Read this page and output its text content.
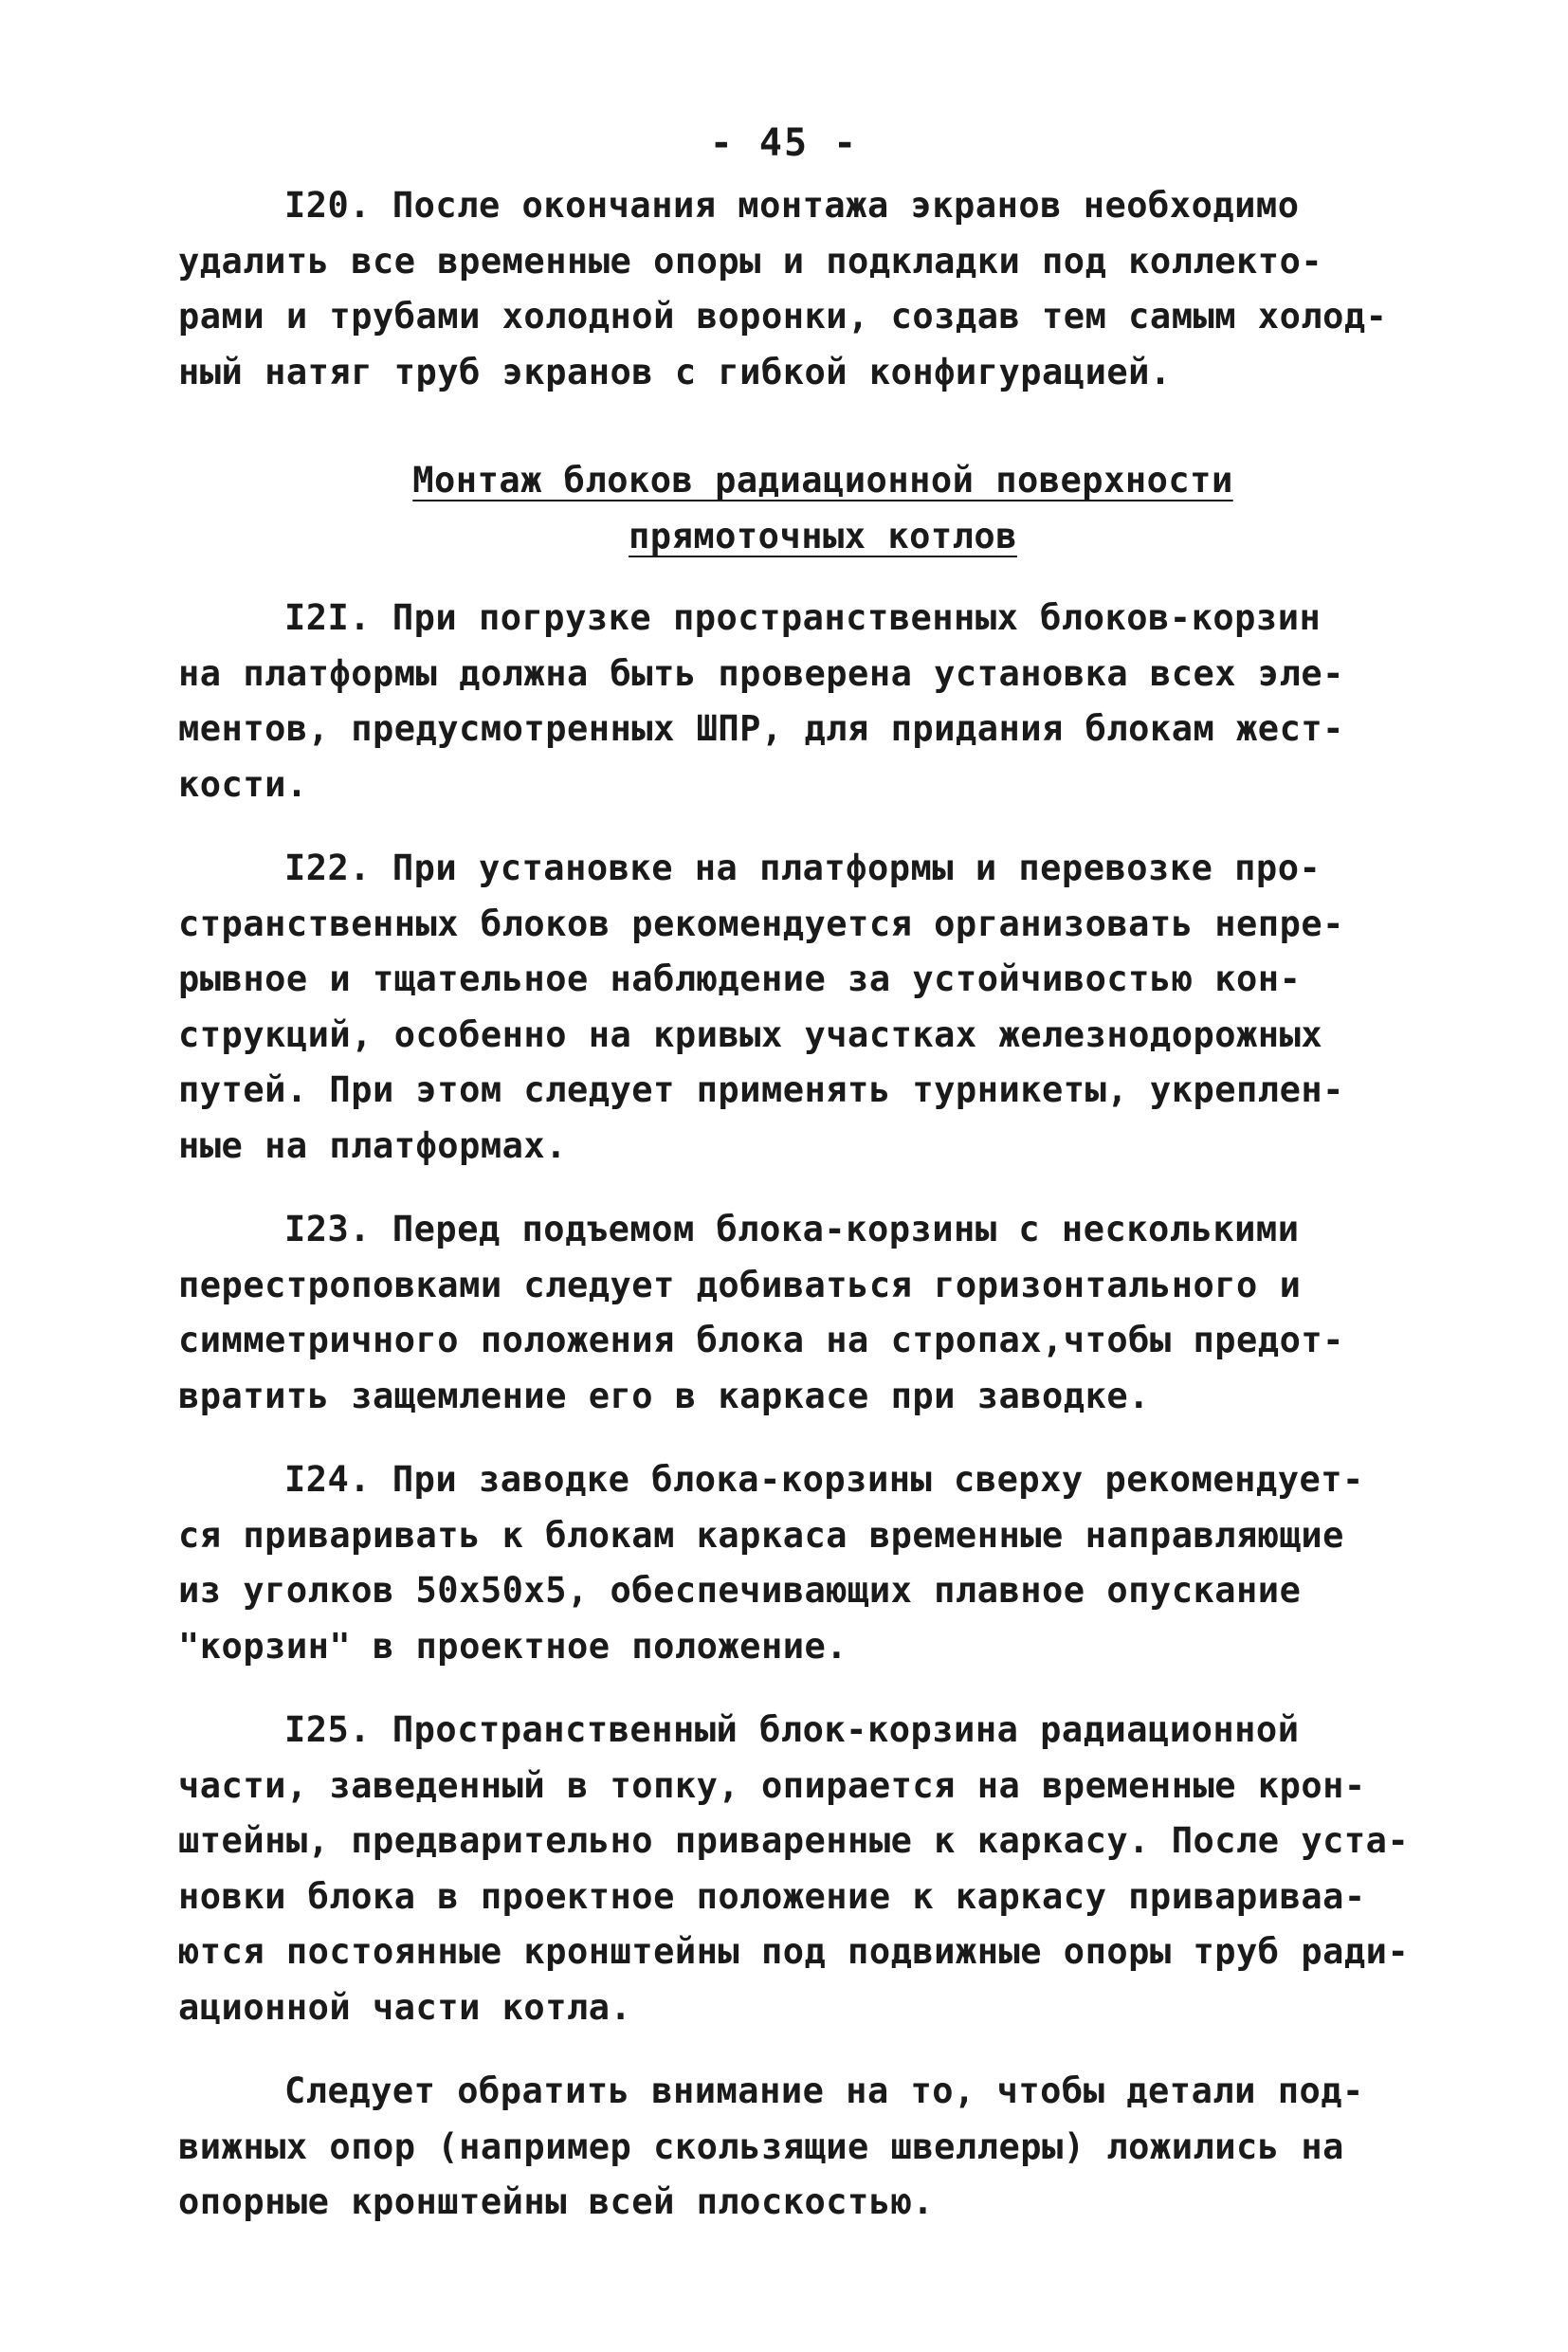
- 45 -
I20. После окончания монтажа экранов необходимо
удалить все временные опоры и подкладки под коллекто-
рами и трубами холодной воронки, создав тем самым холод-
ный натяг труб экранов с гибкой конфигурацией.
Монтаж блоков радиационной поверхности
прямоточных котлов
I2I. При погрузке пространственных блоков-корзин
на платформы должна быть проверена установка всех эле-
ментов, предусмотренных ШПР, для придания блокам жест-
кости.
I22. При установке на платформы и перевозке про-
странственных блоков рекомендуется организовать непре-
рывное и тщательное наблюдение за устойчивостью кон-
струкций, особенно на кривых участках железнодорожных
путей. При этом следует применять турникеты, укреплен-
ные на платформах.
I23. Перед подъемом блока-корзины с несколькими
перестроповками следует добиваться горизонтального и
симметричного положения блока на стропах,чтобы предот-
вратить защемление его в каркасе при заводке.
I24. При заводке блока-корзины сверху рекомендует-
ся приваривать к блокам каркаса временные направляющие
из уголков 50х50х5, обеспечивающих плавное опускание
"корзин" в проектное положение.
I25. Пространственный блок-корзина радиационной
части, заведенный в топку, опирается на временные крон-
штейны, предварительно приваренные к каркасу. После уста-
новки блока в проектное положение к каркасу привариваа-
ются постоянные кронштейны под подвижные опоры труб ради-
ационной части котла.
Следует обратить внимание на то, чтобы детали под-
вижных опор (например скользящие швеллеры) ложились на
опорные кронштейны всей плоскостью.
